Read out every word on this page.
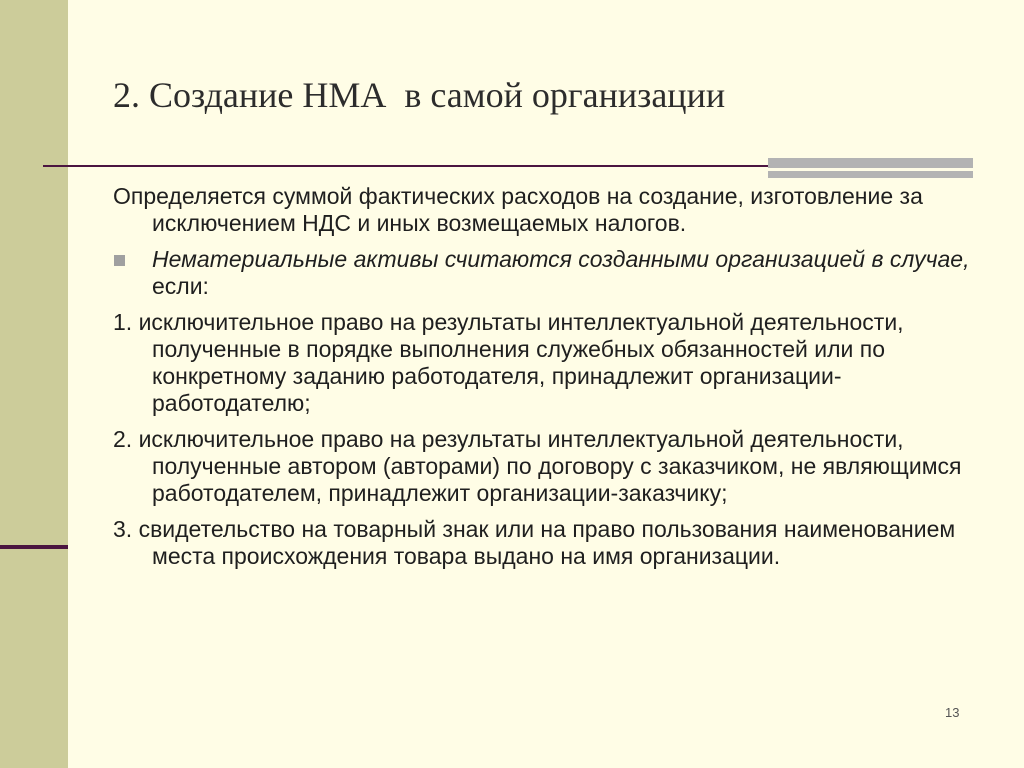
2. Создание НМА  в самой организации
Определяется суммой фактических расходов на создание, изготовление за исключением НДС и иных возмещаемых налогов.
Нематериальные активы считаются созданными организацией в случае, если:
1. исключительное право на результаты интеллектуальной деятельности, полученные в порядке выполнения служебных обязанностей или по конкретному заданию работодателя, принадлежит организации-работодателю;
2. исключительное право на результаты интеллектуальной деятельности, полученные автором (авторами) по договору с заказчиком, не являющимся работодателем, принадлежит организации-заказчику;
3. свидетельство на товарный знак или на право пользования наименованием места происхождения товара выдано на имя организации.
13
